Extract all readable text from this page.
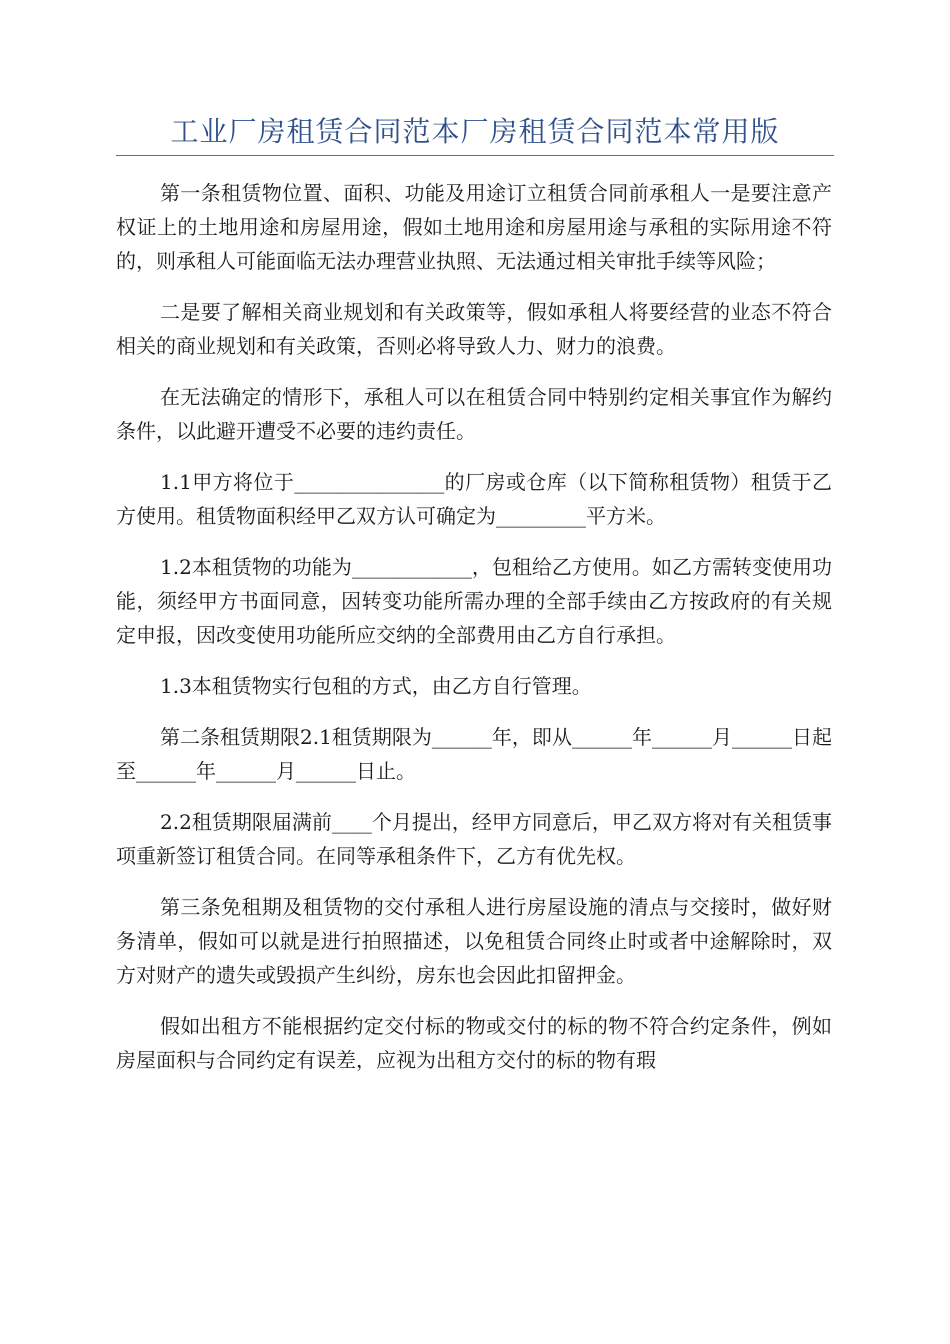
工业厂房租赁合同范本厂房租赁合同范本常用版

第一条租赁物位置、面积、功能及用途订立租赁合同前承租人一是要注意产权证上的土地用途和房屋用途，假如土地用途和房屋用途与承租的实际用途不符的，则承租人可能面临无法办理营业执照、无法通过相关审批手续等风险；

二是要了解相关商业规划和有关政策等，假如承租人将要经营的业态不符合相关的商业规划和有关政策，否则必将导致人力、财力的浪费。

在无法确定的情形下，承租人可以在租赁合同中特别约定相关事宜作为解约条件，以此避开遭受不必要的违约责任。

1.1甲方将位于_______________的厂房或仓库（以下简称租赁物）租赁于乙方使用。租赁物面积经甲乙双方认可确定为_________平方米。

1.2本租赁物的功能为____________，包租给乙方使用。如乙方需转变使用功能，须经甲方书面同意，因转变功能所需办理的全部手续由乙方按政府的有关规定申报，因改变使用功能所应交纳的全部费用由乙方自行承担。

1.3本租赁物实行包租的方式，由乙方自行管理。

第二条租赁期限2.1租赁期限为______年，即从______年______月______日起至______年______月______日止。

2.2租赁期限届满前____个月提出，经甲方同意后，甲乙双方将对有关租赁事项重新签订租赁合同。在同等承租条件下，乙方有优先权。

第三条免租期及租赁物的交付承租人进行房屋设施的清点与交接时，做好财务清单，假如可以就是进行拍照描述，以免租赁合同终止时或者中途解除时，双方对财产的遗失或毁损产生纠纷，房东也会因此扣留押金。

假如出租方不能根据约定交付标的物或交付的标的物不符合约定条件，例如房屋面积与合同约定有误差，应视为出租方交付的标的物有瑕
